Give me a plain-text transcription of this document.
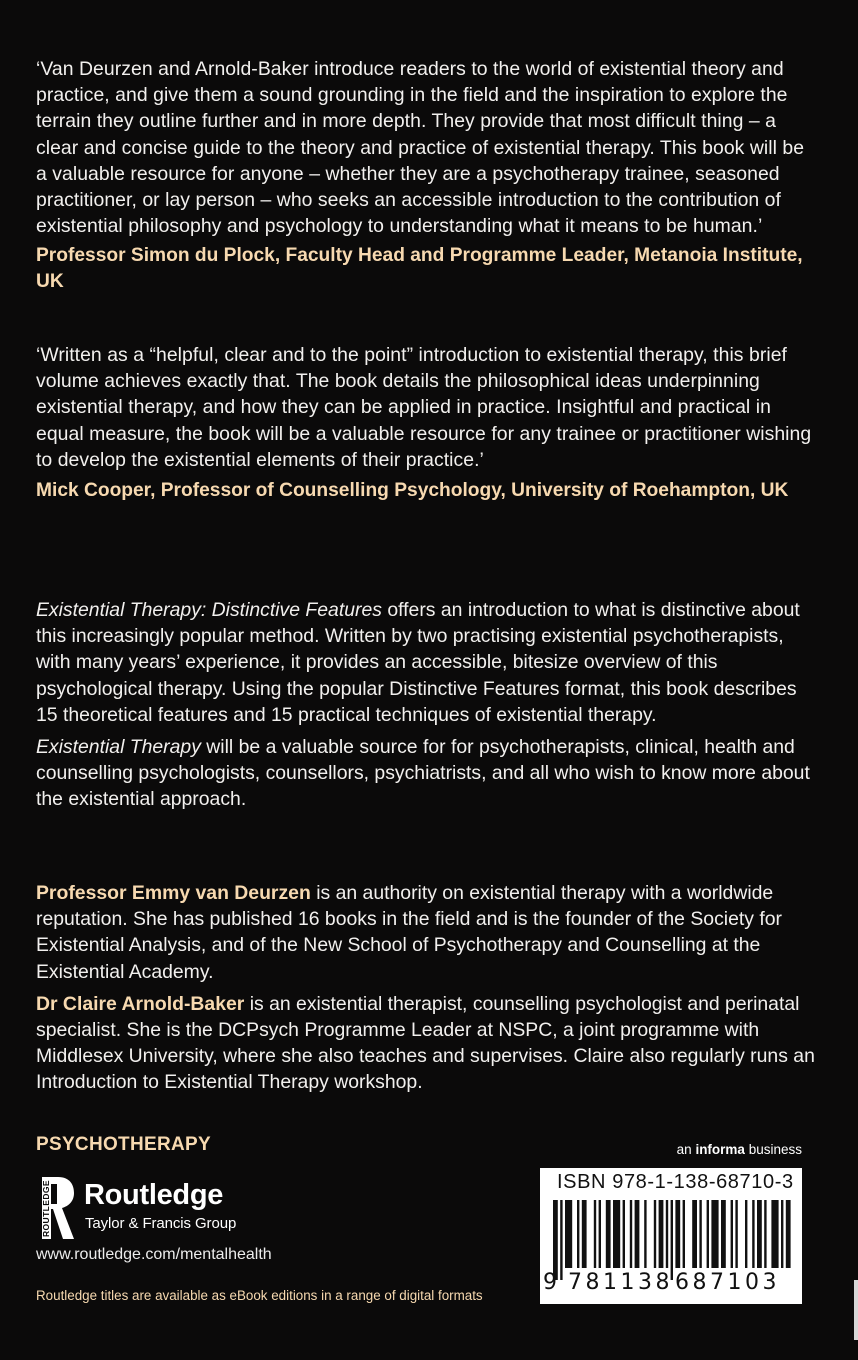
‘Van Deurzen and Arnold-Baker introduce readers to the world of existential theory and practice, and give them a sound grounding in the field and the inspiration to explore the terrain they outline further and in more depth. They provide that most difficult thing – a clear and concise guide to the theory and practice of existential therapy. This book will be a valuable resource for anyone – whether they are a psychotherapy trainee, seasoned practitioner, or lay person – who seeks an accessible introduction to the contribution of existential philosophy and psychology to understanding what it means to be human.’

Professor Simon du Plock, Faculty Head and Programme Leader, Metanoia Institute, UK

‘Written as a “helpful, clear and to the point” introduction to existential therapy, this brief volume achieves exactly that. The book details the philosophical ideas underpinning existential therapy, and how they can be applied in practice. Insightful and practical in equal measure, the book will be a valuable resource for any trainee or practitioner wishing to develop the existential elements of their practice.’

Mick Cooper, Professor of Counselling Psychology, University of Roehampton, UK

Existential Therapy: Distinctive Features offers an introduction to what is distinctive about this increasingly popular method. Written by two practising existential psychotherapists, with many years’ experience, it provides an accessible, bitesize overview of this psychological therapy. Using the popular Distinctive Features format, this book describes 15 theoretical features and 15 practical techniques of existential therapy.

Existential Therapy will be a valuable source for for psychotherapists, clinical, health and counselling psychologists, counsellors, psychiatrists, and all who wish to know more about the existential approach.

Professor Emmy van Deurzen is an authority on existential therapy with a worldwide reputation. She has published 16 books in the field and is the founder of the Society for Existential Analysis, and of the New School of Psychotherapy and Counselling at the Existential Academy.

Dr Claire Arnold-Baker is an existential therapist, counselling psychologist and perinatal specialist. She is the DCPsych Programme Leader at NSPC, a joint programme with Middlesex University, where she also teaches and supervises. Claire also regularly runs an Introduction to Existential Therapy workshop.

PSYCHOTHERAPY
ROUTLEDGE Routledge
Taylor & Francis Group
www.routledge.com/mentalhealth
Routledge titles are available as eBook editions in a range of digital formats
an informa business
ISBN 978-1-138-68710-3
9 781138 687103
